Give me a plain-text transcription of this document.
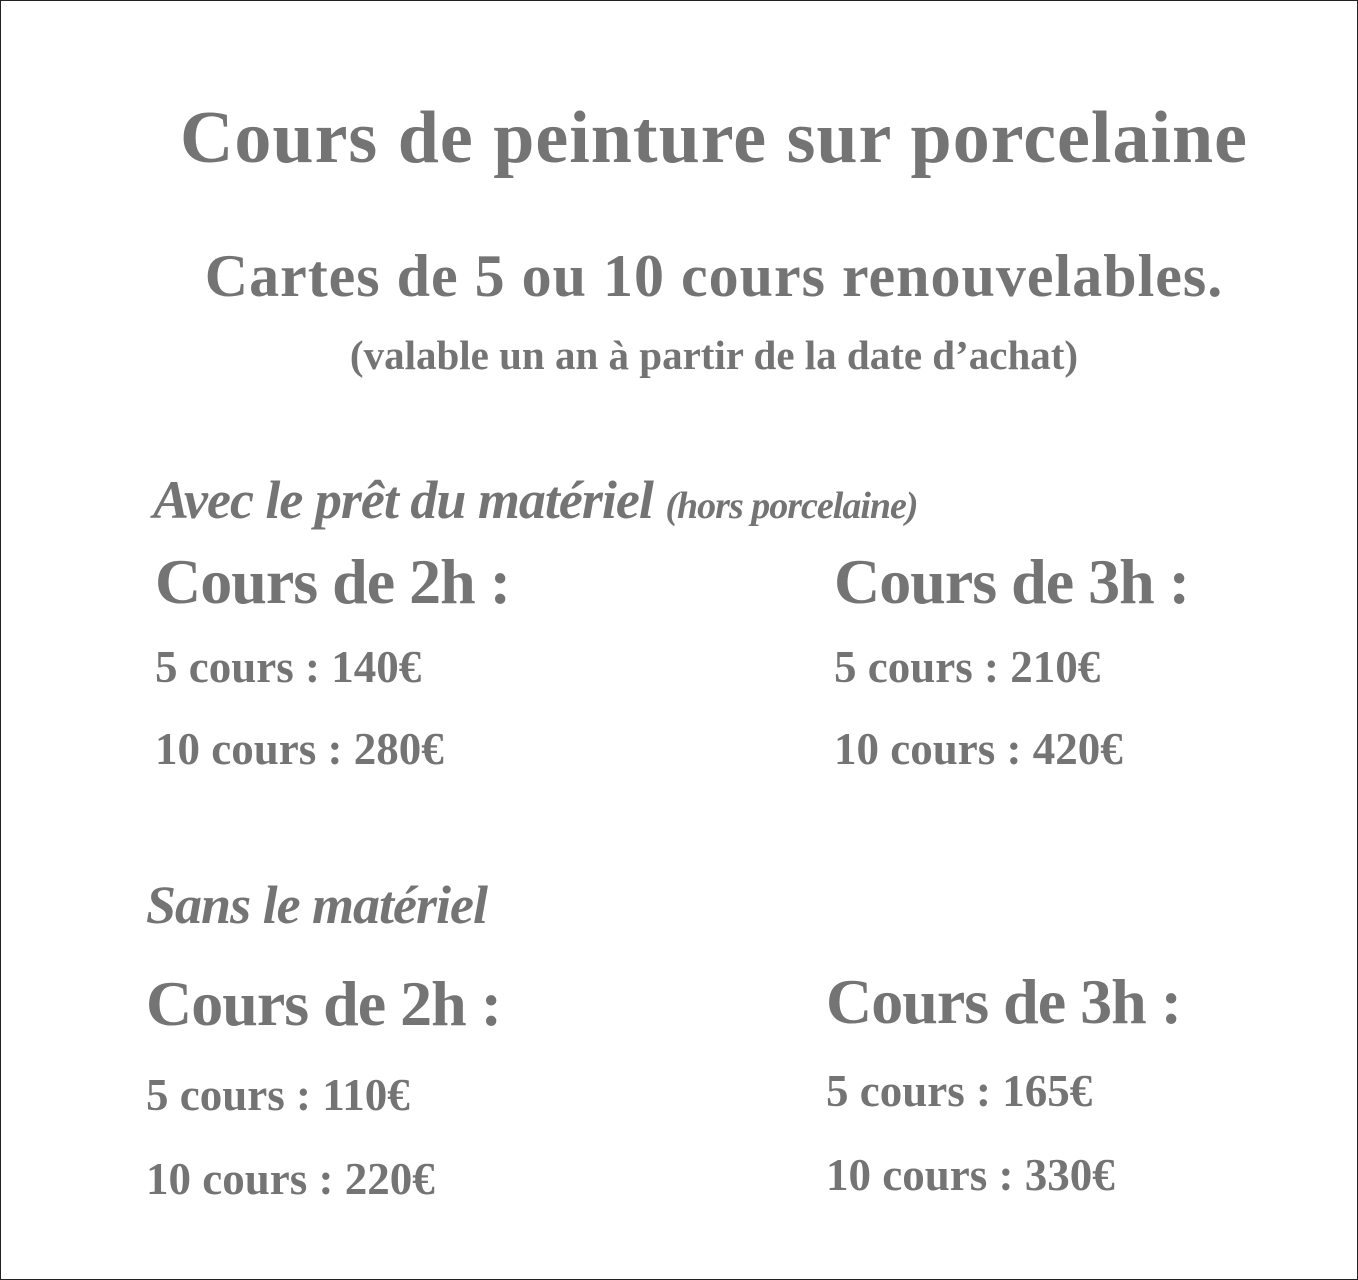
Cours de peinture sur porcelaine
Cartes de 5 ou 10 cours renouvelables.
(valable un an à partir de la date d’achat)
Avec le prêt du matériel (hors porcelaine)
Cours de 2h :
5 cours : 140€
10 cours : 280€
Cours de 3h :
5 cours : 210€
10 cours : 420€
Sans le matériel
Cours de 2h :
5 cours : 110€
10 cours : 220€
Cours de 3h :
5 cours : 165€
10 cours : 330€
